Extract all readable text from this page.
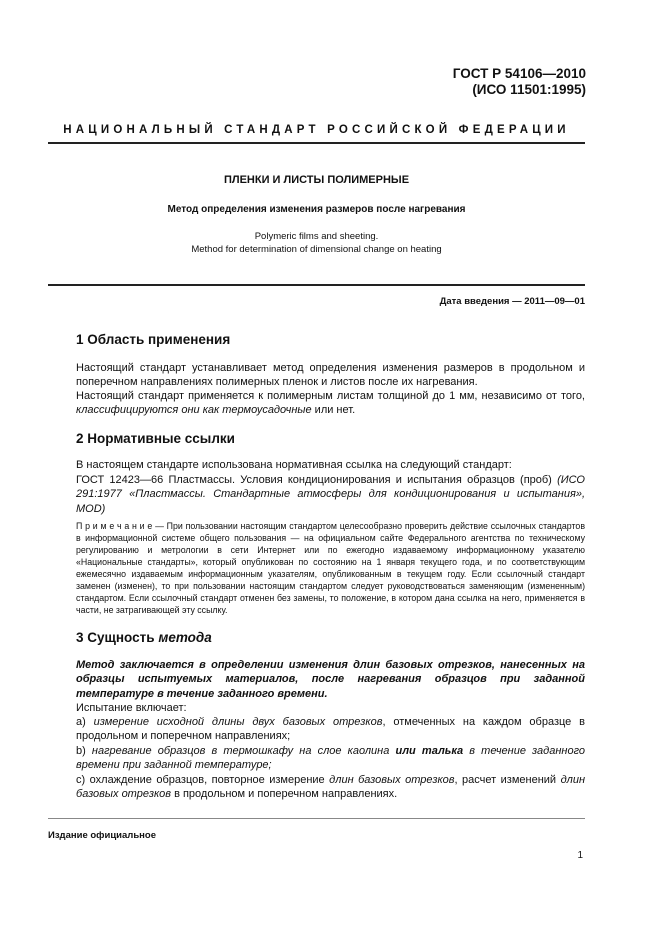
ГОСТ Р 54106—2010
(ИСО 11501:1995)
НАЦИОНАЛЬНЫЙ СТАНДАРТ РОССИЙСКОЙ ФЕДЕРАЦИИ
ПЛЕНКИ И ЛИСТЫ ПОЛИМЕРНЫЕ
Метод определения изменения размеров после нагревания
Polymeric films and sheeting.
Method for determination of dimensional change on heating
Дата введения — 2011—09—01
1 Область применения
Настоящий стандарт устанавливает метод определения изменения размеров в продольном и поперечном направлениях полимерных пленок и листов после их нагревания.
Настоящий стандарт применяется к полимерным листам толщиной до 1 мм, независимо от того, классифицируются они как термоусадочные или нет.
2 Нормативные ссылки
В настоящем стандарте использована нормативная ссылка на следующий стандарт:
ГОСТ 12423—66 Пластмассы. Условия кондиционирования и испытания образцов (проб) (ИСО 291:1977 «Пластмассы. Стандартные атмосферы для кондиционирования и испытания», MOD)
П р и м е ч а н и е — При пользовании настоящим стандартом целесообразно проверить действие ссылочных стандартов в информационной системе общего пользования — на официальном сайте Федерального агентства по техническому регулированию и метрологии в сети Интернет или по ежегодно издаваемому информационному указателю «Национальные стандарты», который опубликован по состоянию на 1 января текущего года, и по соответствующим ежемесячно издаваемым информационным указателям, опубликованным в текущем году. Если ссылочный стандарт заменен (изменен), то при пользовании настоящим стандартом следует руководствоваться заменяющим (измененным) стандартом. Если ссылочный стандарт отменен без замены, то положение, в котором дана ссылка на него, применяется в части, не затрагивающей эту ссылку.
3 Сущность метода
Метод заключается в определении изменения длин базовых отрезков, нанесенных на образцы испытуемых материалов, после нагревания образцов при заданной температуре в течение заданного времени.
Испытание включает:
а) измерение исходной длины двух базовых отрезков, отмеченных на каждом образце в продольном и поперечном направлениях;
b) нагревание образцов в термошкафу на слое каолина или талька в течение заданного времени при заданной температуре;
с) охлаждение образцов, повторное измерение длин базовых отрезков, расчет изменений длин базовых отрезков в продольном и поперечном направлениях.
Издание официальное
1
